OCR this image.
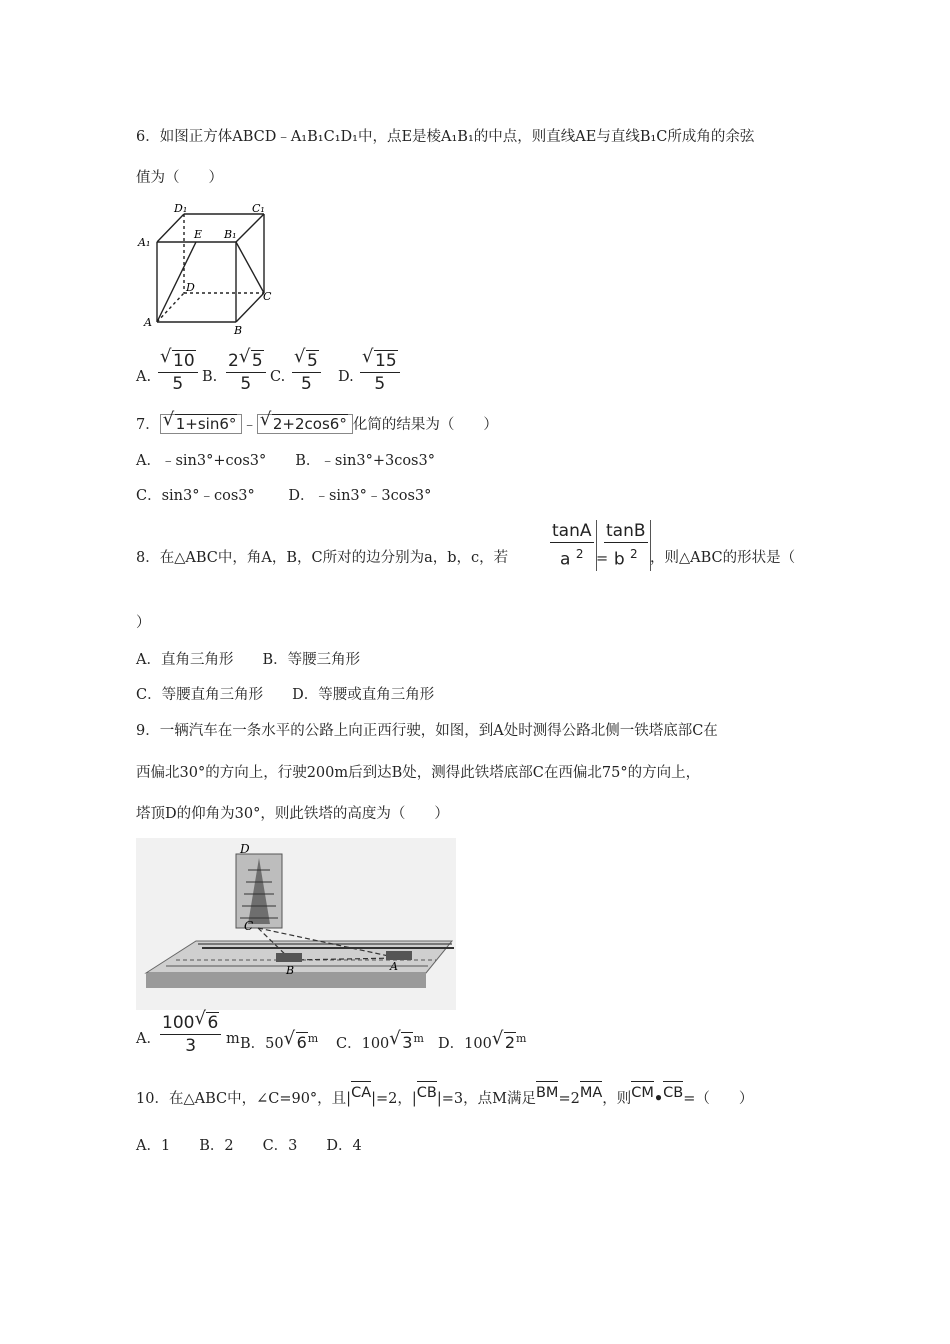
6．如图正方体ABCD﹣A₁B₁C₁D₁中，点E是棱A₁B₁的中点，则直线AE与直线B₁C所成角的余弦
值为（　　）
D₁	C₁
A₁
E B₁
D
C
A
B
A. $\frac{√ 10}{5} B$. $\frac{2 √ 5}{5} C$. $\frac{√ 5}{5} D$. $\frac{√ 15}{5}$
7． √ 1+sin6° ﹣ √ 2+2cos6° 化简的结果为（　　）
A．﹣sin3°+cos3°　　B．﹣sin3°+3cos3°
C．sin3°﹣cos3°　　 D．﹣sin3°﹣3cos3°
8．在△ABC中，角A，B，C所对的边分别为a，b，c，若 $\frac{\tan A}{a ^2}$ =
$\frac{\tan B}{b ^2}$ ，则△ABC的形状是（
）
A．直角三角形　　B．等腰三角形
C．等腰直角三角形　　D．等腰或直角三角形
9．一辆汽车在一条水平的公路上向正西行驶，如图，到A处时测得公路北侧一铁塔底部C在
西偏北30°的方向上，行驶200m后到达B处，测得此铁塔底部C在西偏北75°的方向上，
塔顶D的仰角为30°，则此铁塔的高度为（　　）
D
C
B	A
A． $\frac{100 √ 6}{3}$ m B．50 √ 6$^m$ C．100 √ 3$^m$ D．100 √ 2$^m$
10．在△ABC中，∠C=90°，且|
CA|=2，|
CB|=3，点M满足
BM=2
MA，则
CM•
CB=（　　）
A．1　　B．2　　C．3　　D．4
